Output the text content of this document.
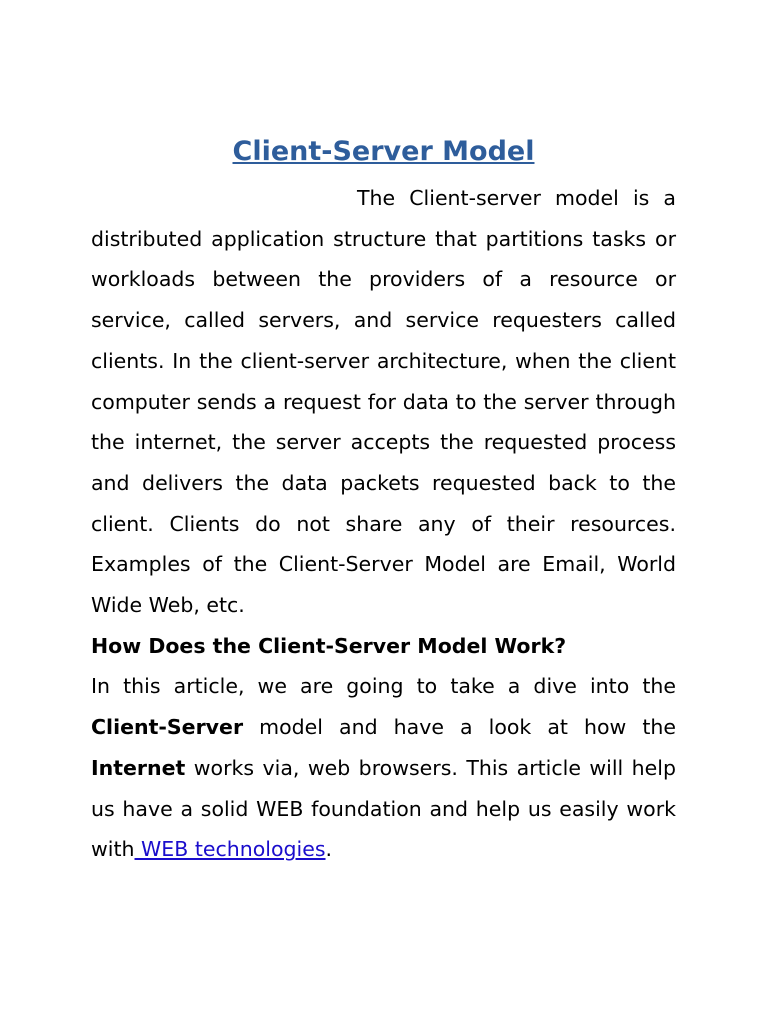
Client-Server Model

The Client-server model is a distributed application structure that partitions tasks or workloads between the providers of a resource or service, called servers, and service requesters called clients. In the client-server architecture, when the client computer sends a request for data to the server through the internet, the server accepts the requested process and delivers the data packets requested back to the client. Clients do not share any of their resources. Examples of the Client-Server Model are Email, World Wide Web, etc.

How Does the Client-Server Model Work?

In this article, we are going to take a dive into the Client-Server model and have a look at how the Internet works via, web browsers. This article will help us have a solid WEB foundation and help us easily work with WEB technologies.
